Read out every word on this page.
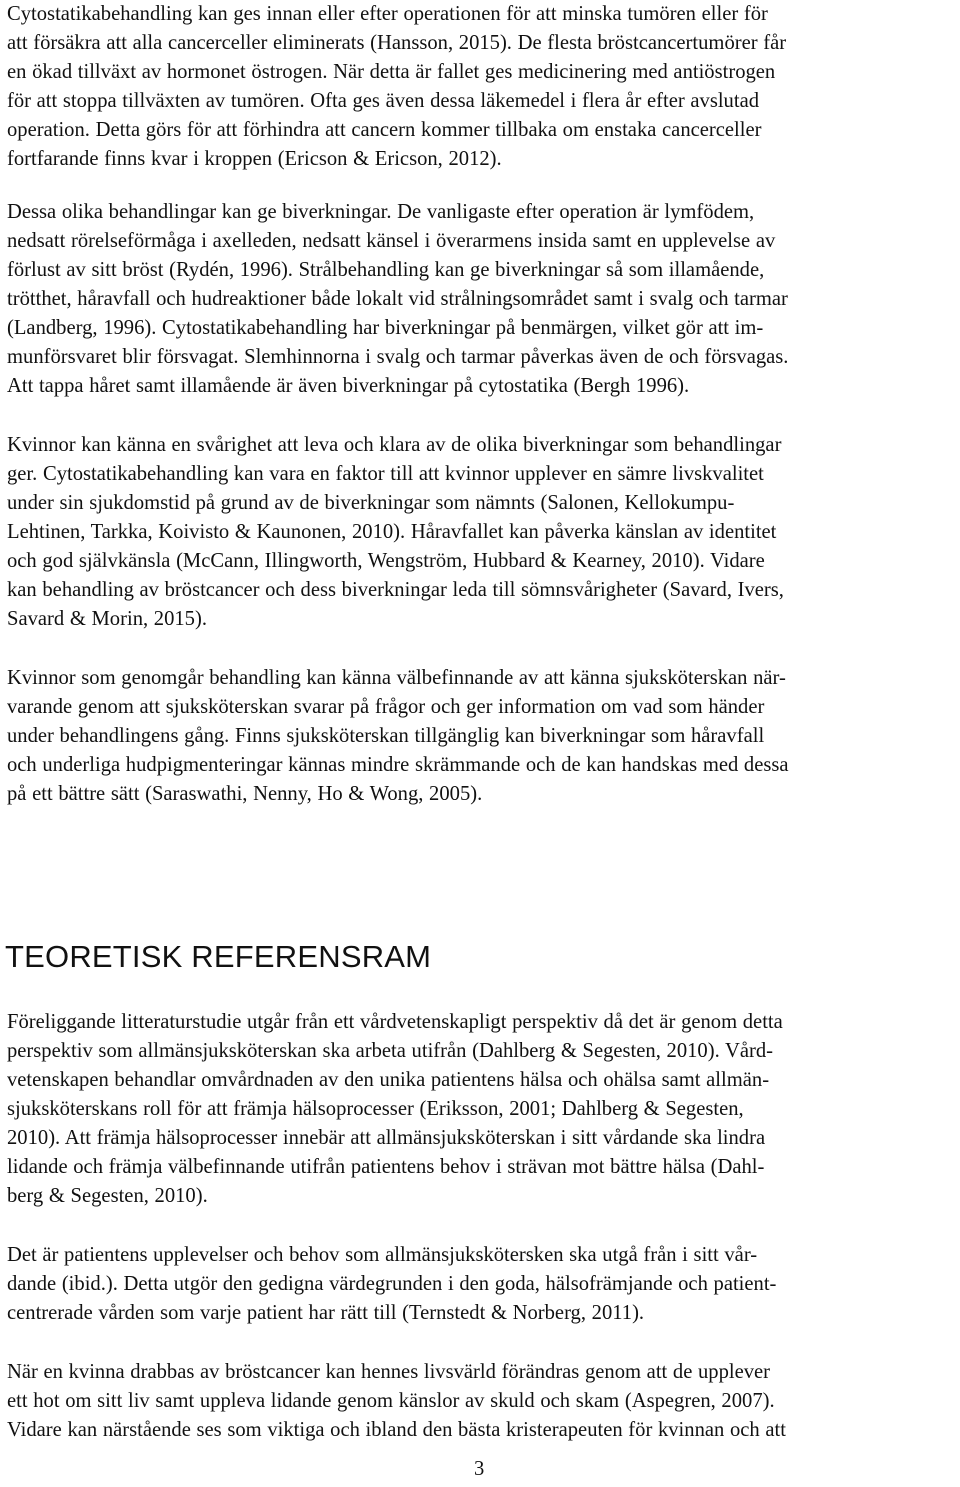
Cytostatikabehandling kan ges innan eller efter operationen för att minska tumören eller för
att försäkra att alla cancerceller eliminerats (Hansson, 2015). De flesta bröstcancertumörer får
en ökad tillväxt av hormonet östrogen. När detta är fallet ges medicinering med antiöstrogen
för att stoppa tillväxten av tumören. Ofta ges även dessa läkemedel i flera år efter avslutad
operation. Detta görs för att förhindra att cancern kommer tillbaka om enstaka cancerceller
fortfarande finns kvar i kroppen (Ericson & Ericson, 2012).

Dessa olika behandlingar kan ge biverkningar. De vanligaste efter operation är lymfödem,
nedsatt rörelseförmåga i axelleden, nedsatt känsel i överarmens insida samt en upplevelse av
förlust av sitt bröst (Rydén, 1996). Strålbehandling kan ge biverkningar så som illamående,
trötthet, håravfall och hudreaktioner både lokalt vid strålningsområdet samt i svalg och tarmar
(Landberg, 1996). Cytostatikabehandling har biverkningar på benmärgen, vilket gör att im-
munförsvaret blir försvagat. Slemhinnorna i svalg och tarmar påverkas även de och försvagas.
Att tappa håret samt illamående är även biverkningar på cytostatika (Bergh 1996).

Kvinnor kan känna en svårighet att leva och klara av de olika biverkningar som behandlingar
ger. Cytostatikabehandling kan vara en faktor till att kvinnor upplever en sämre livskvalitet
under sin sjukdomstid på grund av de biverkningar som nämnts (Salonen, Kellokumpu-
Lehtinen, Tarkka, Koivisto & Kaunonen, 2010). Håravfallet kan påverka känslan av identitet
och god självkänsla (McCann, Illingworth, Wengström, Hubbard & Kearney, 2010). Vidare
kan behandling av bröstcancer och dess biverkningar leda till sömnsvårigheter (Savard, Ivers,
Savard & Morin, 2015).

Kvinnor som genomgår behandling kan känna välbefinnande av att känna sjuksköterskan när-
varande genom att sjuksköterskan svarar på frågor och ger information om vad som händer
under behandlingens gång. Finns sjuksköterskan tillgänglig kan biverkningar som håravfall
och underliga hudpigmenteringar kännas mindre skrämmande och de kan handskas med dessa
på ett bättre sätt (Saraswathi, Nenny, Ho & Wong, 2005).

TEORETISK REFERENSRAM

Föreliggande litteraturstudie utgår från ett vårdvetenskapligt perspektiv då det är genom detta
perspektiv som allmänsjuksköterskan ska arbeta utifrån (Dahlberg & Segesten, 2010). Vård-
vetenskapen behandlar omvårdnaden av den unika patientens hälsa och ohälsa samt allmän-
sjuksköterskans roll för att främja hälsoprocesser (Eriksson, 2001; Dahlberg & Segesten,
2010). Att främja hälsoprocesser innebär att allmänsjuksköterskan i sitt vårdande ska lindra
lidande och främja välbefinnande utifrån patientens behov i strävan mot bättre hälsa (Dahl-
berg & Segesten, 2010).

Det är patientens upplevelser och behov som allmänsjukskötersken ska utgå från i sitt vår-
dande (ibid.). Detta utgör den gedigna värdegrunden i den goda, hälsofrämjande och patient-
centrerade vården som varje patient har rätt till (Ternstedt & Norberg, 2011).

När en kvinna drabbas av bröstcancer kan hennes livsvärld förändras genom att de upplever
ett hot om sitt liv samt uppleva lidande genom känslor av skuld och skam (Aspegren, 2007).
Vidare kan närstående ses som viktiga och ibland den bästa kristerapeuten för kvinnan och att

3
